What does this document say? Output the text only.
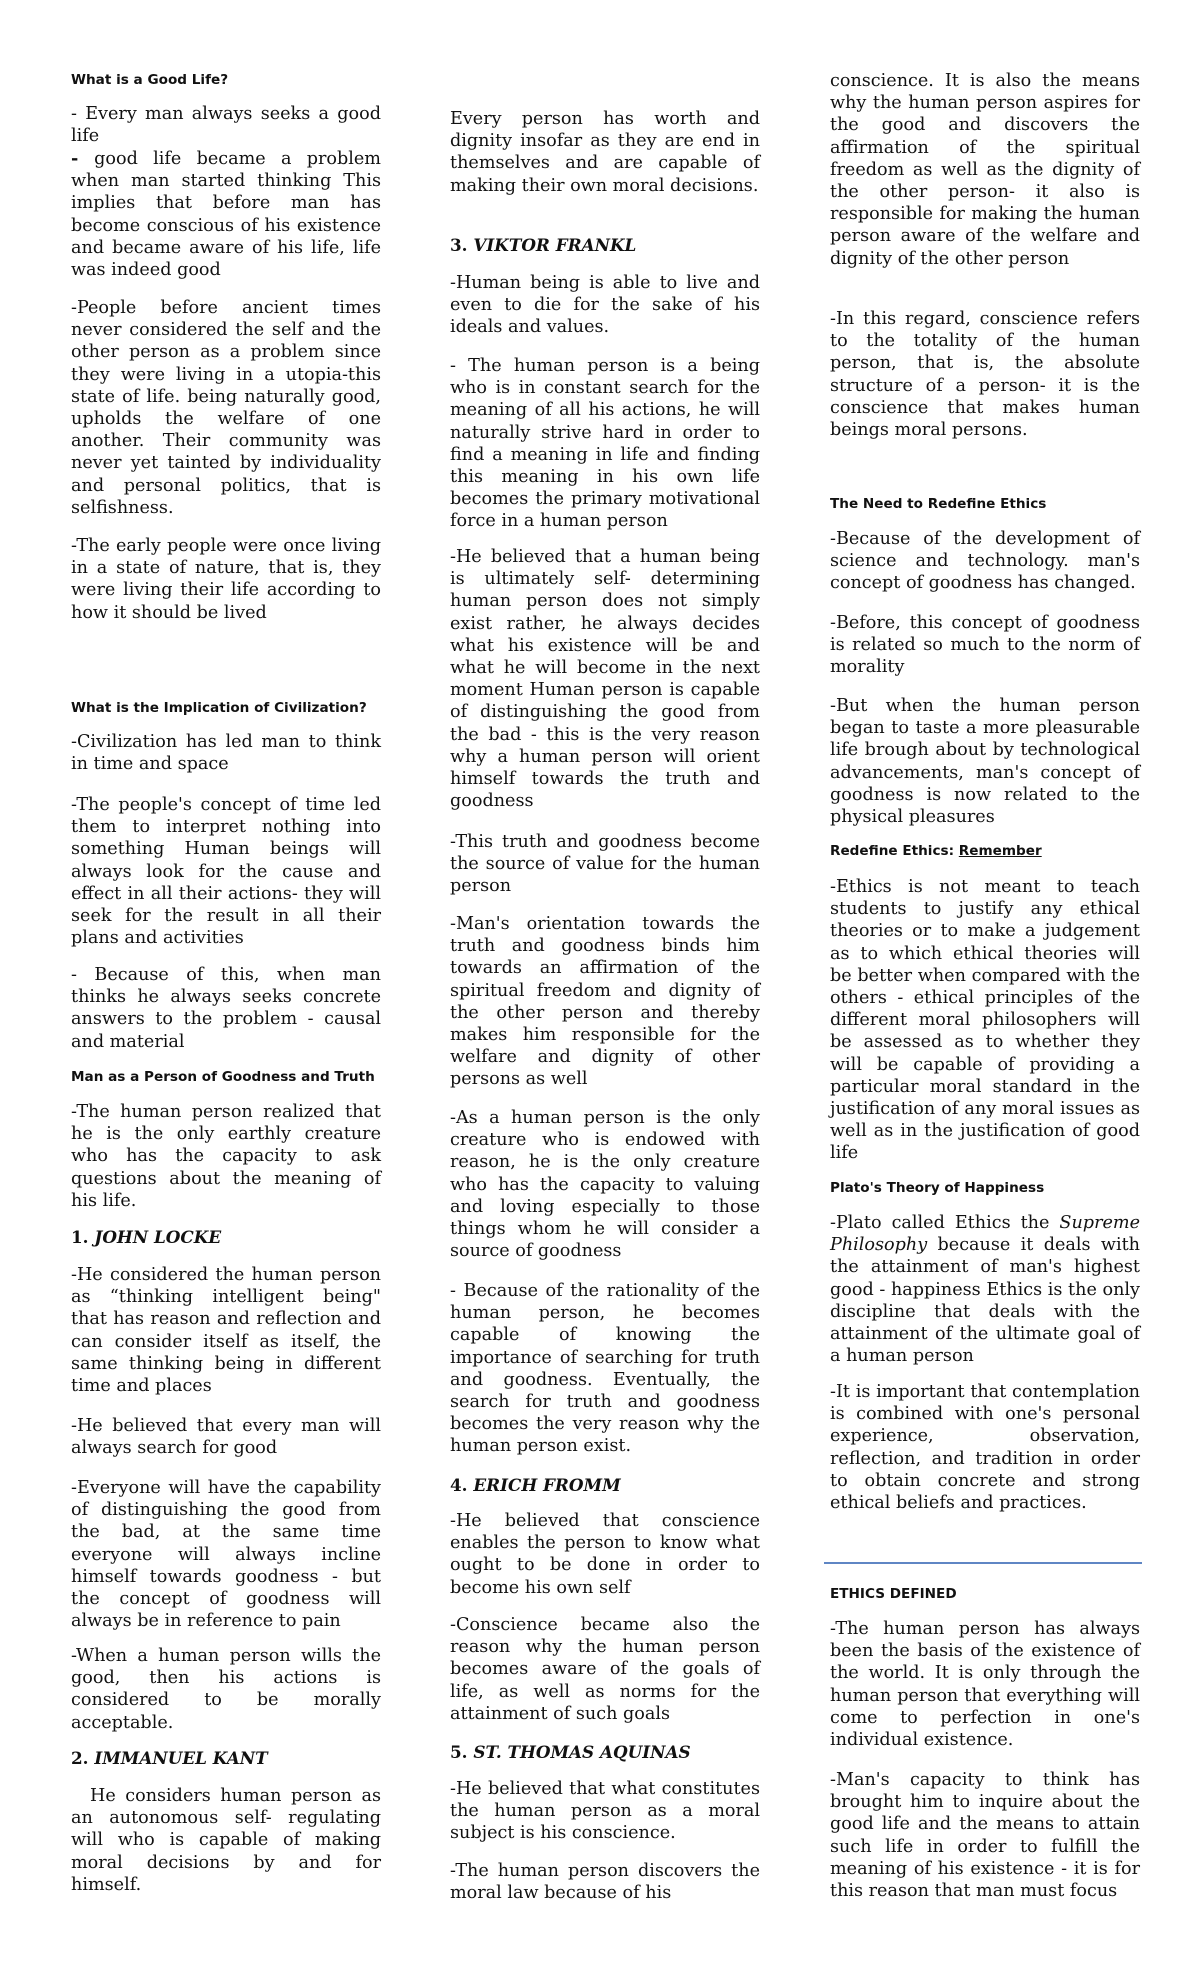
What is a Good Life?
- Every man always seeks a good life
- good life became a problem when man started thinking This implies that before man has become conscious of his existence and became aware of his life, life was indeed good
-People before ancient times never considered the self and the other person as a problem since they were living in a utopia-this state of life. being naturally good, upholds the welfare of one another. Their community was never yet tainted by individuality and personal politics, that is selfishness.
-The early people were once living in a state of nature, that is, they were living their life according to how it should be lived
What is the Implication of Civilization?
-Civilization has led man to think in time and space
-The people's concept of time led them to interpret nothing into something Human beings will always look for the cause and effect in all their actions- they will seek for the result in all their plans and activities
- Because of this, when man thinks he always seeks concrete answers to the problem - causal and material
Man as a Person of Goodness and Truth
-The human person realized that he is the only earthly creature who has the capacity to ask questions about the meaning of his life.
1. JOHN LOCKE
-He considered the human person as “thinking intelligent being" that has reason and reflection and can consider itself as itself, the same thinking being in different time and places
-He believed that every man will always search for good
-Everyone will have the capability of distinguishing the good from the bad, at the same time everyone will always incline himself towards goodness - but the concept of goodness will always be in reference to pain
-When a human person wills the good, then his actions is considered to be morally acceptable.
2. IMMANUEL KANT
He considers human person as an autonomous self- regulating will who is capable of making moral decisions by and for himself.
Every person has worth and dignity insofar as they are end in themselves and are capable of making their own moral decisions.
3. VIKTOR FRANKL
-Human being is able to live and even to die for the sake of his ideals and values.
- The human person is a being who is in constant search for the meaning of all his actions, he will naturally strive hard in order to find a meaning in life and finding this meaning in his own life becomes the primary motivational force in a human person
-He believed that a human being is ultimately self- determining human person does not simply exist rather, he always decides what his existence will be and what he will become in the next moment Human person is capable of distinguishing the good from the bad - this is the very reason why a human person will orient himself towards the truth and goodness
-This truth and goodness become the source of value for the human person
-Man's orientation towards the truth and goodness binds him towards an affirmation of the spiritual freedom and dignity of the other person and thereby makes him responsible for the welfare and dignity of other persons as well
-As a human person is the only creature who is endowed with reason, he is the only creature who has the capacity to valuing and loving especially to those things whom he will consider a source of goodness
- Because of the rationality of the human person, he becomes capable of knowing the importance of searching for truth and goodness. Eventually, the search for truth and goodness becomes the very reason why the human person exist.
4. ERICH FROMM
-He believed that conscience enables the person to know what ought to be done in order to become his own self
-Conscience became also the reason why the human person becomes aware of the goals of life, as well as norms for the attainment of such goals
5. ST. THOMAS AQUINAS
-He believed that what constitutes the human person as a moral subject is his conscience.
-The human person discovers the moral law because of his
conscience. It is also the means why the human person aspires for the good and discovers the affirmation of the spiritual freedom as well as the dignity of the other person- it also is responsible for making the human person aware of the welfare and dignity of the other person
-In this regard, conscience refers to the totality of the human person, that is, the absolute structure of a person- it is the conscience that makes human beings moral persons.
The Need to Redefine Ethics
-Because of the development of science and technology. man's concept of goodness has changed.
-Before, this concept of goodness is related so much to the norm of morality
-But when the human person began to taste a more pleasurable life brough about by technological advancements, man's concept of goodness is now related to the physical pleasures
Redefine Ethics: Remember
-Ethics is not meant to teach students to justify any ethical theories or to make a judgement as to which ethical theories will be better when compared with the others - ethical principles of the different moral philosophers will be assessed as to whether they will be capable of providing a particular moral standard in the justification of any moral issues as well as in the justification of good life
Plato's Theory of Happiness
-Plato called Ethics the Supreme Philosophy because it deals with the attainment of man's highest good - happiness Ethics is the only discipline that deals with the attainment of the ultimate goal of a human person
-It is important that contemplation is combined with one's personal experience, observation, reflection, and tradition in order to obtain concrete and strong ethical beliefs and practices.
ETHICS DEFINED
-The human person has always been the basis of the existence of the world. It is only through the human person that everything will come to perfection in one's individual existence.
-Man's capacity to think has brought him to inquire about the good life and the means to attain such life in order to fulfill the meaning of his existence - it is for this reason that man must focus
